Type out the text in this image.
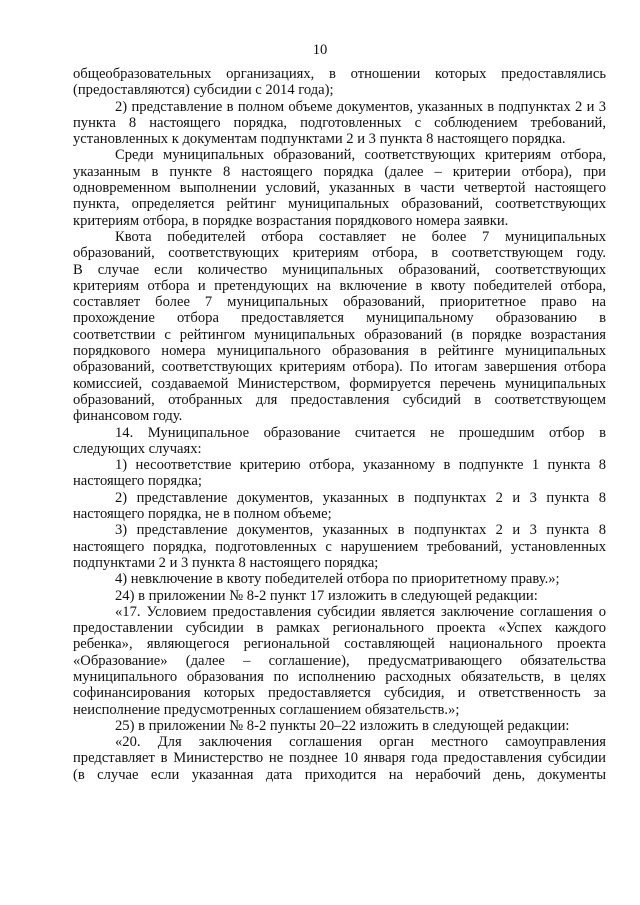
10
общеобразовательных организациях, в отношении которых предоставлялись
(предоставляются) субсидии с 2014 года);
2) представление в полном объеме документов, указанных в подпунктах 2 и 3
пункта 8 настоящего порядка, подготовленных с соблюдением требований,
установленных к документам подпунктами 2 и 3 пункта 8 настоящего порядка.
Среди муниципальных образований, соответствующих критериям отбора,
указанным в пункте 8 настоящего порядка (далее – критерии отбора), при
одновременном выполнении условий, указанных в части четвертой настоящего
пункта, определяется рейтинг муниципальных образований, соответствующих
критериям отбора, в порядке возрастания порядкового номера заявки.
Квота победителей отбора составляет не более 7 муниципальных
образований, соответствующих критериям отбора, в соответствующем году.
В случае если количество муниципальных образований, соответствующих
критериям отбора и претендующих на включение в квоту победителей отбора,
составляет более 7 муниципальных образований, приоритетное право на
прохождение отбора предоставляется муниципальному образованию в
соответствии с рейтингом муниципальных образований (в порядке возрастания
порядкового номера муниципального образования в рейтинге муниципальных
образований, соответствующих критериям отбора). По итогам завершения отбора
комиссией, создаваемой Министерством, формируется перечень муниципальных
образований, отобранных для предоставления субсидий в соответствующем
финансовом году.
14. Муниципальное образование считается не прошедшим отбор в
следующих случаях:
1) несоответствие критерию отбора, указанному в подпункте 1 пункта 8
настоящего порядка;
2) представление документов, указанных в подпунктах 2 и 3 пункта 8
настоящего порядка, не в полном объеме;
3) представление документов, указанных в подпунктах 2 и 3 пункта 8
настоящего порядка, подготовленных с нарушением требований, установленных
подпунктами 2 и 3 пункта 8 настоящего порядка;
4) невключение в квоту победителей отбора по приоритетному праву.»;
24) в приложении № 8-2 пункт 17 изложить в следующей редакции:
«17. Условием предоставления субсидии является заключение соглашения о
предоставлении субсидии в рамках регионального проекта «Успех каждого
ребенка», являющегося региональной составляющей национального проекта
«Образование» (далее – соглашение), предусматривающего обязательства
муниципального образования по исполнению расходных обязательств, в целях
софинансирования которых предоставляется субсидия, и ответственность за
неисполнение предусмотренных соглашением обязательств.»;
25) в приложении № 8-2 пункты 20–22 изложить в следующей редакции:
«20. Для заключения соглашения орган местного самоуправления
представляет в Министерство не позднее 10 января года предоставления субсидии
(в случае если указанная дата приходится на нерабочий день, документы
